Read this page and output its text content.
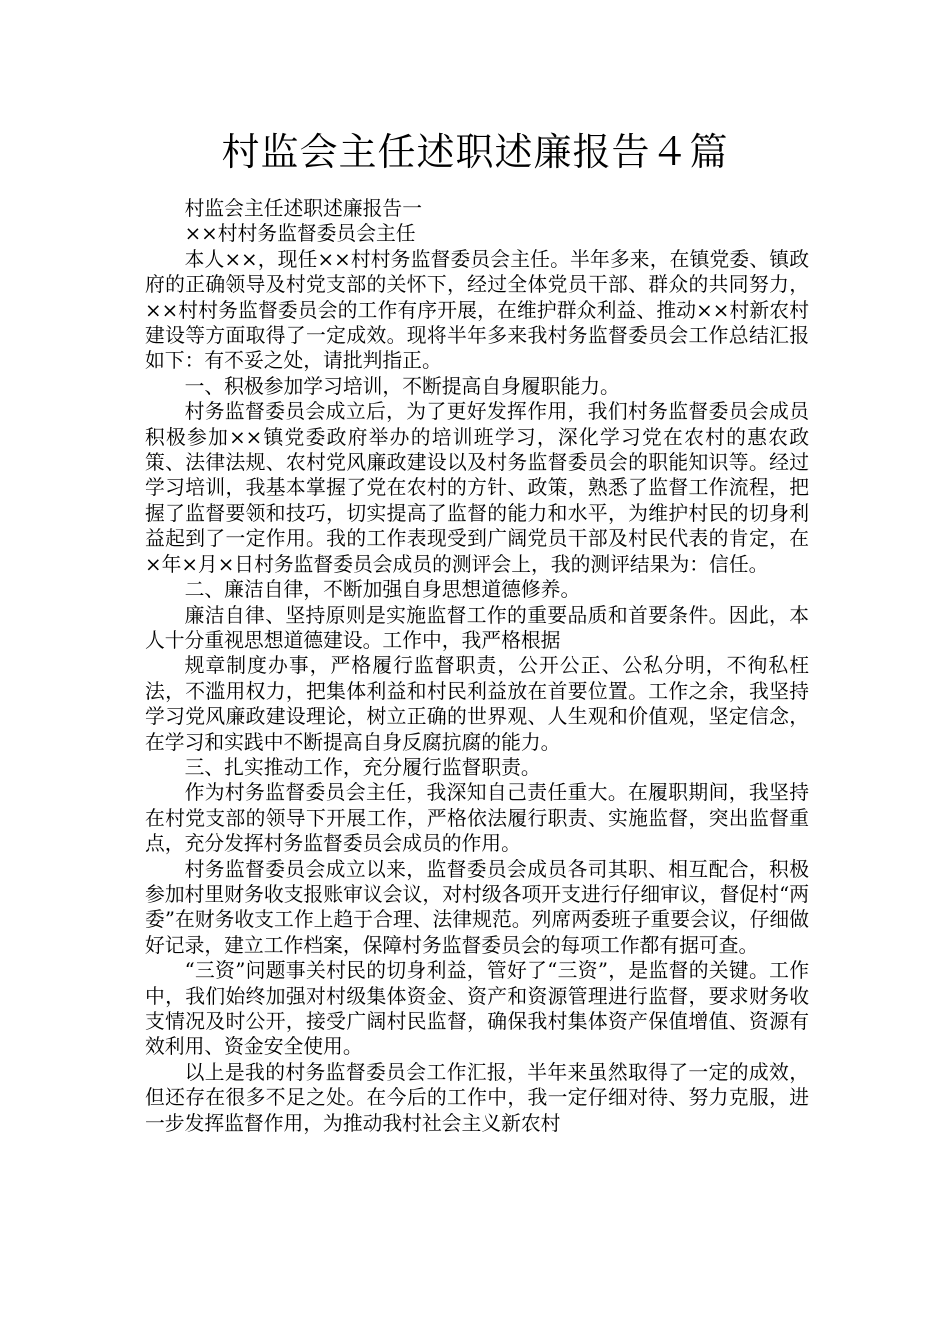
村监会主任述职述廉报告４篇

村监会主任述职述廉报告一

××村村务监督委员会主任

本人××，现任××村村务监督委员会主任。半年多来，在镇党委、镇政府的正确领导及村党支部的关怀下，经过全体党员干部、群众的共同努力，××村村务监督委员会的工作有序开展，在维护群众利益、推动××村新农村建设等方面取得了一定成效。现将半年多来我村务监督委员会工作总结汇报如下：有不妥之处，请批判指正。

一、积极参加学习培训，不断提高自身履职能力。

村务监督委员会成立后，为了更好发挥作用，我们村务监督委员会成员积极参加××镇党委政府举办的培训班学习，深化学习党在农村的惠农政策、法律法规、农村党风廉政建设以及村务监督委员会的职能知识等。经过学习培训，我基本掌握了党在农村的方针、政策，熟悉了监督工作流程，把握了监督要领和技巧，切实提高了监督的能力和水平，为维护村民的切身利益起到了一定作用。我的工作表现受到广阔党员干部及村民代表的肯定，在×年×月×日村务监督委员会成员的测评会上，我的测评结果为：信任。

二、廉洁自律，不断加强自身思想道德修养。

廉洁自律、坚持原则是实施监督工作的重要品质和首要条件。因此，本人十分重视思想道德建设。工作中，我严格根据

规章制度办事，严格履行监督职责，公开公正、公私分明，不徇私枉法，不滥用权力，把集体利益和村民利益放在首要位置。工作之余，我坚持学习党风廉政建设理论，树立正确的世界观、人生观和价值观，坚定信念，在学习和实践中不断提高自身反腐抗腐的能力。

三、扎实推动工作，充分履行监督职责。

作为村务监督委员会主任，我深知自己责任重大。在履职期间，我坚持在村党支部的领导下开展工作，严格依法履行职责、实施监督，突出监督重点，充分发挥村务监督委员会成员的作用。

村务监督委员会成立以来，监督委员会成员各司其职、相互配合，积极参加村里财务收支报账审议会议，对村级各项开支进行仔细审议，督促村“两委”在财务收支工作上趋于合理、法律规范。列席两委班子重要会议，仔细做好记录，建立工作档案，保障村务监督委员会的每项工作都有据可查。

“三资”问题事关村民的切身利益，管好了“三资”，是监督的关键。工作中，我们始终加强对村级集体资金、资产和资源管理进行监督，要求财务收支情况及时公开，接受广阔村民监督，确保我村集体资产保值增值、资源有效利用、资金安全使用。

以上是我的村务监督委员会工作汇报，半年来虽然取得了一定的成效，但还存在很多不足之处。在今后的工作中，我一定仔细对待、努力克服，进一步发挥监督作用，为推动我村社会主义新农村
